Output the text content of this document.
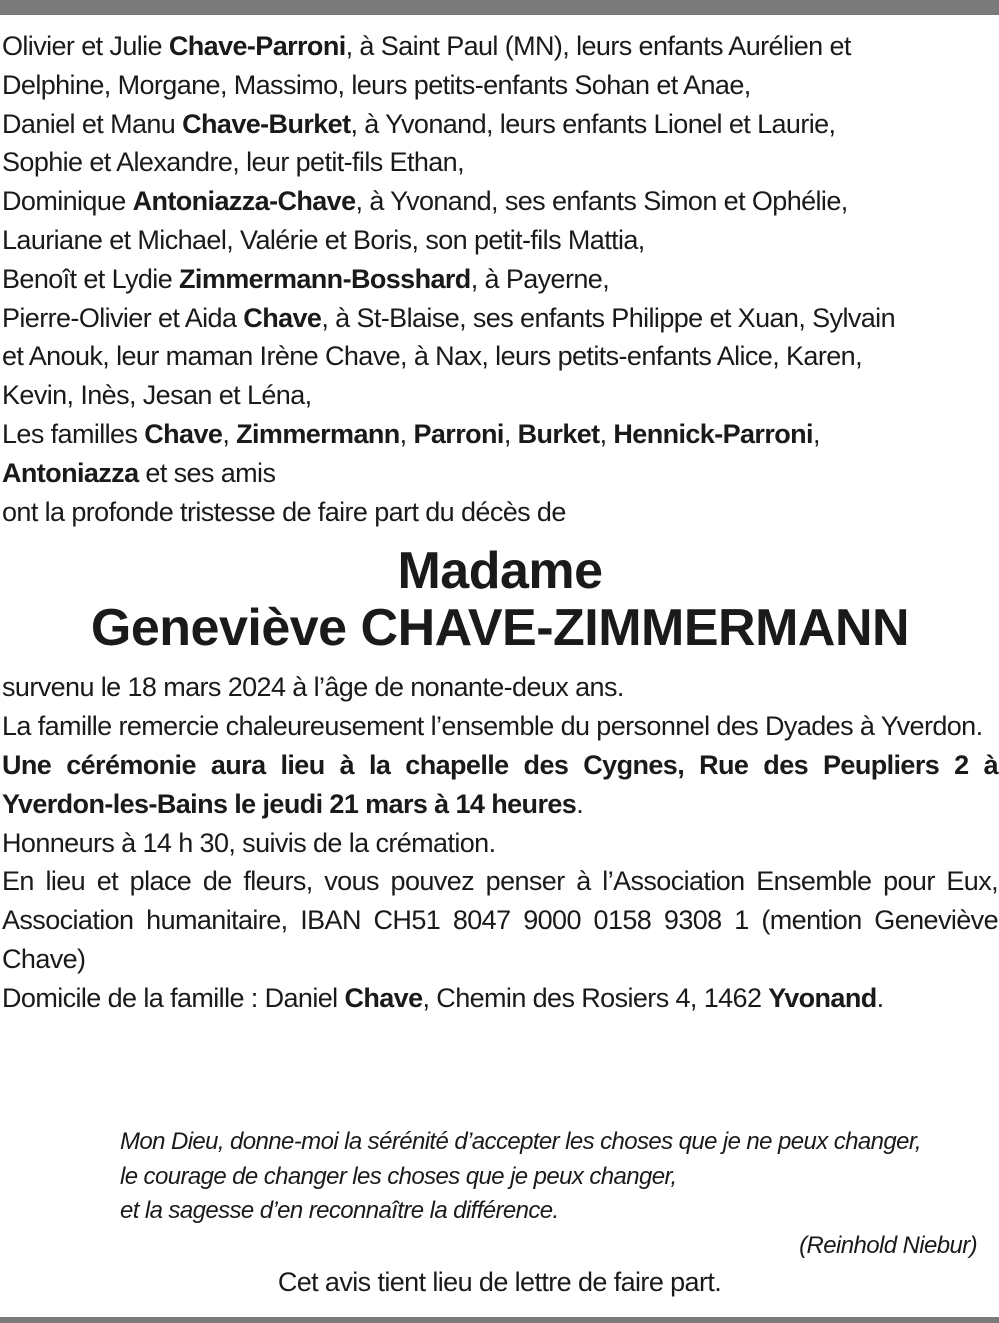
Olivier et Julie Chave-Parroni, à Saint Paul (MN), leurs enfants Aurélien et

Delphine, Morgane, Massimo, leurs petits-enfants Sohan et Anae,

Daniel et Manu Chave-Burket, à Yvonand, leurs enfants Lionel et Laurie,

Sophie et Alexandre, leur petit-fils Ethan,

Dominique Antoniazza-Chave, à Yvonand, ses enfants Simon et Ophélie,

Lauriane et Michael, Valérie et Boris, son petit-fils Mattia,

Benoît et Lydie Zimmermann-Bosshard, à Payerne,

Pierre-Olivier et Aida Chave, à St-Blaise, ses enfants Philippe et Xuan, Sylvain

et Anouk, leur maman Irène Chave, à Nax, leurs petits-enfants Alice, Karen,

Kevin, Inès, Jesan et Léna,

Les familles Chave, Zimmermann, Parroni, Burket, Hennick-Parroni,

Antoniazza et ses amis

ont la profonde tristesse de faire part du décès de

Madame
Geneviève CHAVE-ZIMMERMANN

survenu le 18 mars 2024 à l’âge de nonante-deux ans.

La famille remercie chaleureusement l’ensemble du personnel des Dyades à Yverdon.

Une cérémonie aura lieu à la chapelle des Cygnes, Rue des Peupliers 2 à Yverdon-les-Bains le jeudi 21 mars à 14 heures.

Honneurs à 14 h 30, suivis de la crémation.

En lieu et place de fleurs, vous pouvez penser à l’Association Ensemble pour Eux, Association humanitaire, IBAN CH51 8047 9000 0158 9308 1 (mention Geneviève Chave)

Domicile de la famille : Daniel Chave, Chemin des Rosiers 4, 1462 Yvonand.

Mon Dieu, donne-moi la sérénité d’accepter les choses que je ne peux changer,

le courage de changer les choses que je peux changer,

et la sagesse d’en reconnaître la différence.

(Reinhold Niebur)

Cet avis tient lieu de lettre de faire part.
